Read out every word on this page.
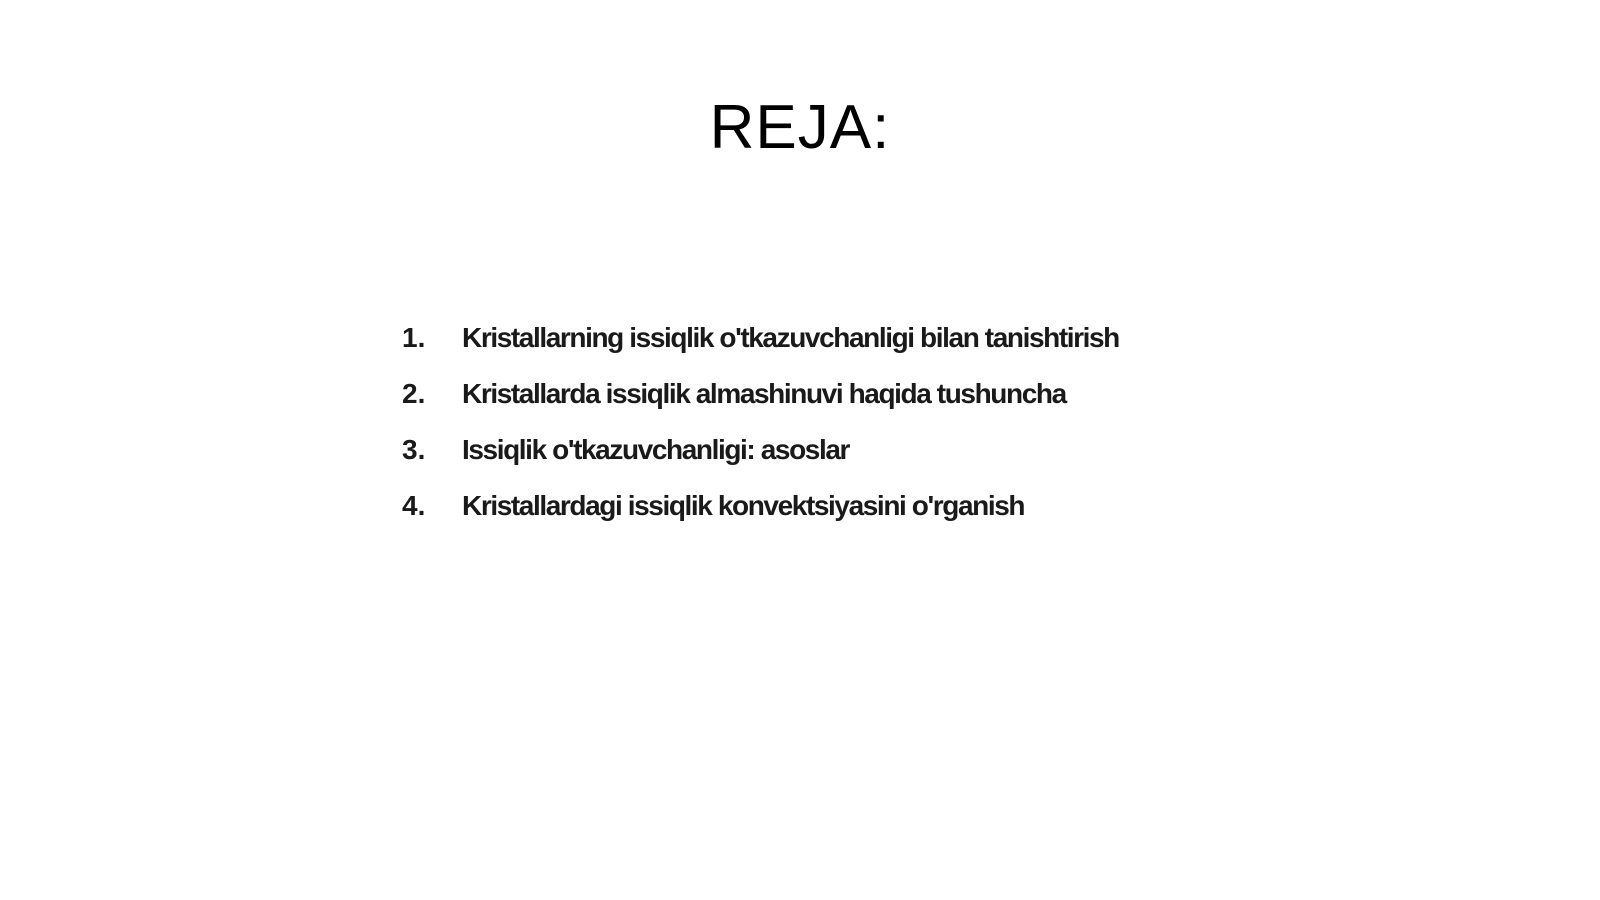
REJA:
1.	Kristallarning issiqlik o'tkazuvchanligi bilan tanishtirish
2.	Kristallarda issiqlik almashinuvi haqida tushuncha
3.	Issiqlik o'tkazuvchanligi: asoslar
4.	Kristallardagi issiqlik konvektsiyasini o'rganish
